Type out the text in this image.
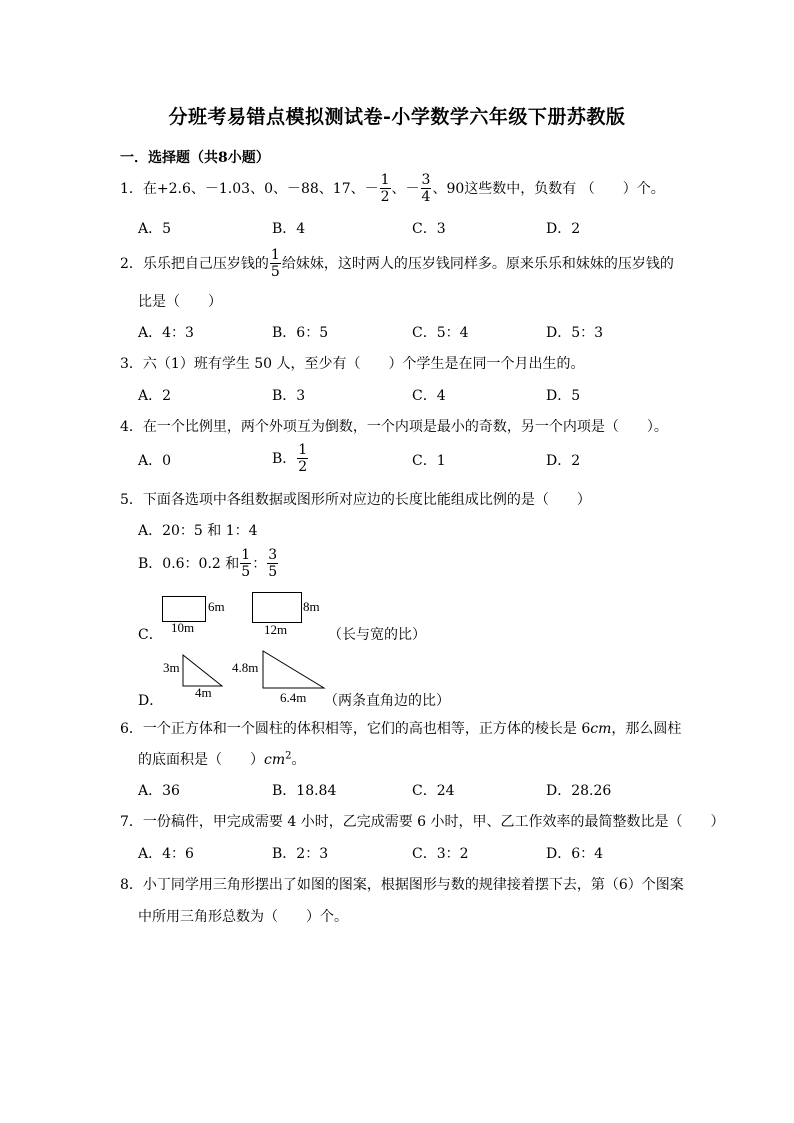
分班考易错点模拟测试卷-小学数学六年级下册苏教版
一．选择题（共8小题）
1．在+2.6、－1.03、0、－88、17、－ $\frac{1}{2}$ 、－ $\frac{3}{4}$ 、90这些数中，负数有 （　　）个。
A．5	B．4	C．3	D．2
2．乐乐把自己压岁钱的 $\frac{1}{5}$ 给妹妹，这时两人的压岁钱同样多。原来乐乐和妹妹的压岁钱的
比是（　　）
A．4：3	B．6：5	C．5：4	D．5：3
3．六（1）班有学生 50 人，至少有（　　）个学生是在同一个月出生的。
A．2	B．3	C．4	D．5
4．在一个比例里，两个外项互为倒数，一个内项是最小的奇数，另一个内项是（　　）。
A．0	B． $\frac{1}{2}$	C．1	D．2
5．下面各选项中各组数据或图形所对应边的长度比能组成比例的是（　　）
A．20：5 和 1：4
B．0.6：0.2 和 $\frac{1}{5}$ ： $\frac{3}{5}$
C．
6m
10m
8m
12m	（长与宽的比）
D．
3m
4m
4.8m
6.4m （两条直角边的比）
6．一个正方体和一个圆柱的体积相等，它们的高也相等，正方体的棱长是 6cm，那么圆柱
的底面积是（　　）$cm^2$。
A．36	B．18.84	C．24	D．28.26
7．一份稿件，甲完成需要 4 小时，乙完成需要 6 小时，甲、乙工作效率的最简整数比是（　　）
A．4：6	B．2：3	C．3：2	D．6：4
8．小丁同学用三角形摆出了如图的图案，根据图形与数的规律接着摆下去，第（6）个图案
中所用三角形总数为（　　）个。
